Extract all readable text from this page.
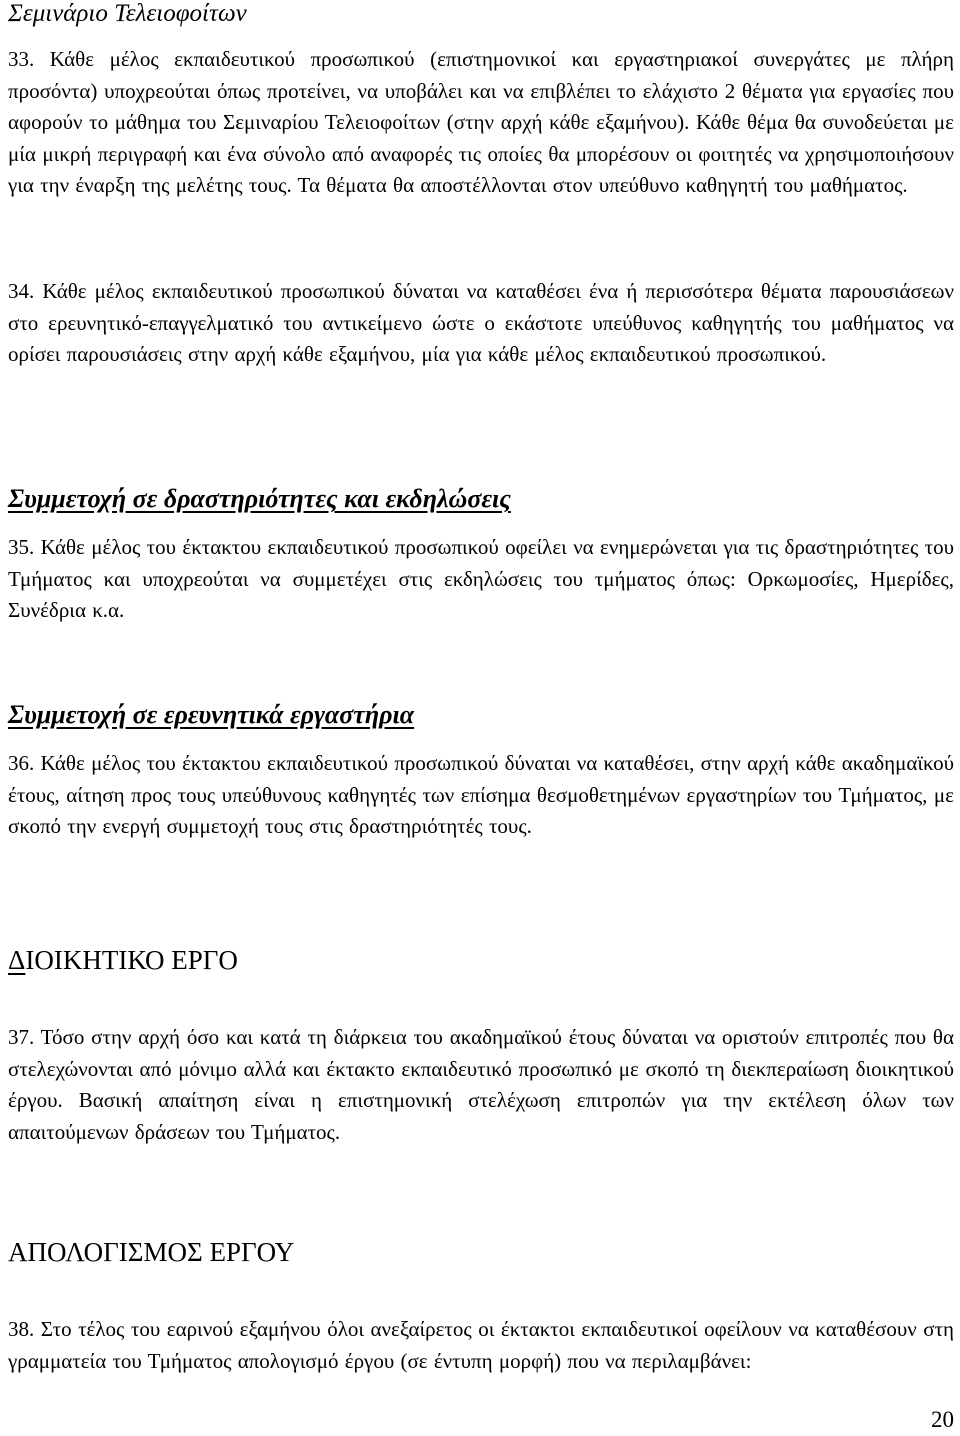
Σεμινάριο Τελειοφοίτων
33. Κάθε μέλος εκπαιδευτικού προσωπικού (επιστημονικοί και εργαστηριακοί συνεργάτες με πλήρη προσόντα) υποχρεούται όπως προτείνει, να υποβάλει και να επιβλέπει το ελάχιστο 2 θέματα για εργασίες που αφορούν το μάθημα του Σεμιναρίου Τελειοφοίτων (στην αρχή κάθε εξαμήνου). Κάθε θέμα θα συνοδεύεται με μία μικρή περιγραφή και ένα σύνολο από αναφορές τις οποίες θα μπορέσουν οι φοιτητές να χρησιμοποιήσουν για την έναρξη της μελέτης τους. Τα θέματα θα αποστέλλονται στον υπεύθυνο καθηγητή του μαθήματος.
34. Κάθε μέλος εκπαιδευτικού προσωπικού δύναται να καταθέσει ένα ή περισσότερα θέματα παρουσιάσεων στο ερευνητικό-επαγγελματικό του αντικείμενο ώστε ο εκάστοτε υπεύθυνος καθηγητής του μαθήματος να ορίσει παρουσιάσεις στην αρχή κάθε εξαμήνου, μία για κάθε μέλος εκπαιδευτικού προσωπικού.
Συμμετοχή σε δραστηριότητες και εκδηλώσεις
35. Κάθε μέλος του έκτακτου εκπαιδευτικού προσωπικού οφείλει να ενημερώνεται για τις δραστηριότητες του Τμήματος και υποχρεούται να συμμετέχει στις εκδηλώσεις του τμήματος όπως: Ορκωμοσίες, Ημερίδες, Συνέδρια κ.α.
Συμμετοχή σε ερευνητικά εργαστήρια
36. Κάθε μέλος του έκτακτου εκπαιδευτικού προσωπικού δύναται να καταθέσει, στην αρχή κάθε ακαδημαϊκού έτους, αίτηση προς τους υπεύθυνους καθηγητές των επίσημα θεσμοθετημένων εργαστηρίων του Τμήματος, με σκοπό την ενεργή συμμετοχή τους στις δραστηριότητές τους.
ΔΙΟΙΚΗΤΙΚΟ ΕΡΓΟ
37. Τόσο στην αρχή όσο και κατά τη διάρκεια του ακαδημαϊκού έτους δύναται να οριστούν επιτροπές που θα στελεχώνονται από μόνιμο αλλά και έκτακτο εκπαιδευτικό προσωπικό με σκοπό τη διεκπεραίωση διοικητικού έργου. Βασική απαίτηση είναι η επιστημονική στελέχωση επιτροπών για την εκτέλεση όλων των απαιτούμενων δράσεων του Τμήματος.
ΑΠΟΛΟΓΙΣΜΟΣ ΕΡΓΟΥ
38. Στο τέλος του εαρινού εξαμήνου όλοι ανεξαίρετος οι έκτακτοι εκπαιδευτικοί οφείλουν να καταθέσουν στη γραμματεία του Τμήματος απολογισμό έργου (σε έντυπη μορφή) που να περιλαμβάνει:
20
